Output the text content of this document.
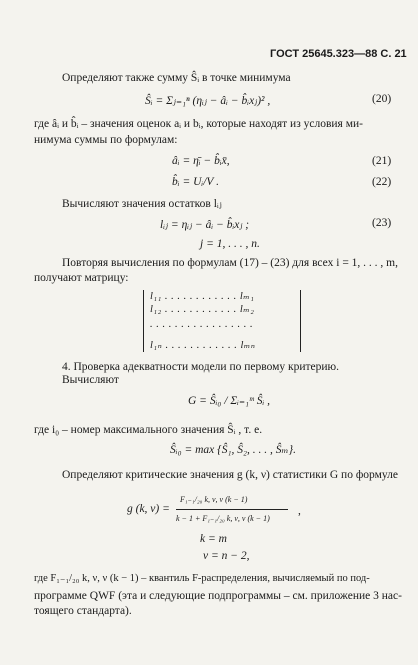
ГОСТ 25645.323—88 С. 21
Определяют также сумму Ŝᵢ в точке минимума
Ŝᵢ = Σⱼ₌₁ⁿ (ηᵢⱼ − âᵢ − b̂ᵢxⱼ)² ,	(20)
где âᵢ и b̂ᵢ – значения оценок aᵢ и bᵢ, которые находят из условия ми-
нимума суммы по формулам:
âᵢ = η̄ᵢ − b̂ᵢx̄,	(21)
b̂ᵢ = Uᵢ/V .	(22)
Вычисляют значения остатков lᵢⱼ
lᵢⱼ = ηᵢⱼ − âᵢ − b̂ᵢxⱼ ;	(23)
j = 1, . . . , n.
Повторяя вычисления по формулам (17) – (23) для всех i = 1, . . . , m,
получают матрицу:
l₁₁ . . . . . . . . . . . . lₘ₁
l₁₂ . . . . . . . . . . . . lₘ₂
. . . . . . . . . . . . . . . . .
l₁ₙ . . . . . . . . . . . . lₘₙ
4. Проверка адекватности модели по первому критерию.
Вычисляют
G = Ŝᵢ₀ / Σᵢ₌₁ᵐ Ŝᵢ ,
где i₀ – номер максимального значения Ŝᵢ , т. е.
Ŝᵢ₀ = max {Ŝ₁, Ŝ₂, . . . , Ŝₘ}.
Определяют критические значения g (k, ν) статистики G по формуле
g (k, ν) =
F₁₋₁/₂₀ k, ν, ν (k − 1)
k − 1 + F₁₋₁/₂₀ k, ν, ν (k − 1)
,
k = m
ν = n − 2,
где F₁₋₁/₂₀ k, ν, ν (k − 1) – квантиль F-распределения, вычисляемый по под-
программе QWF (эта и следующие подпрограммы – см. приложение 3 нас-
тоящего стандарта).
